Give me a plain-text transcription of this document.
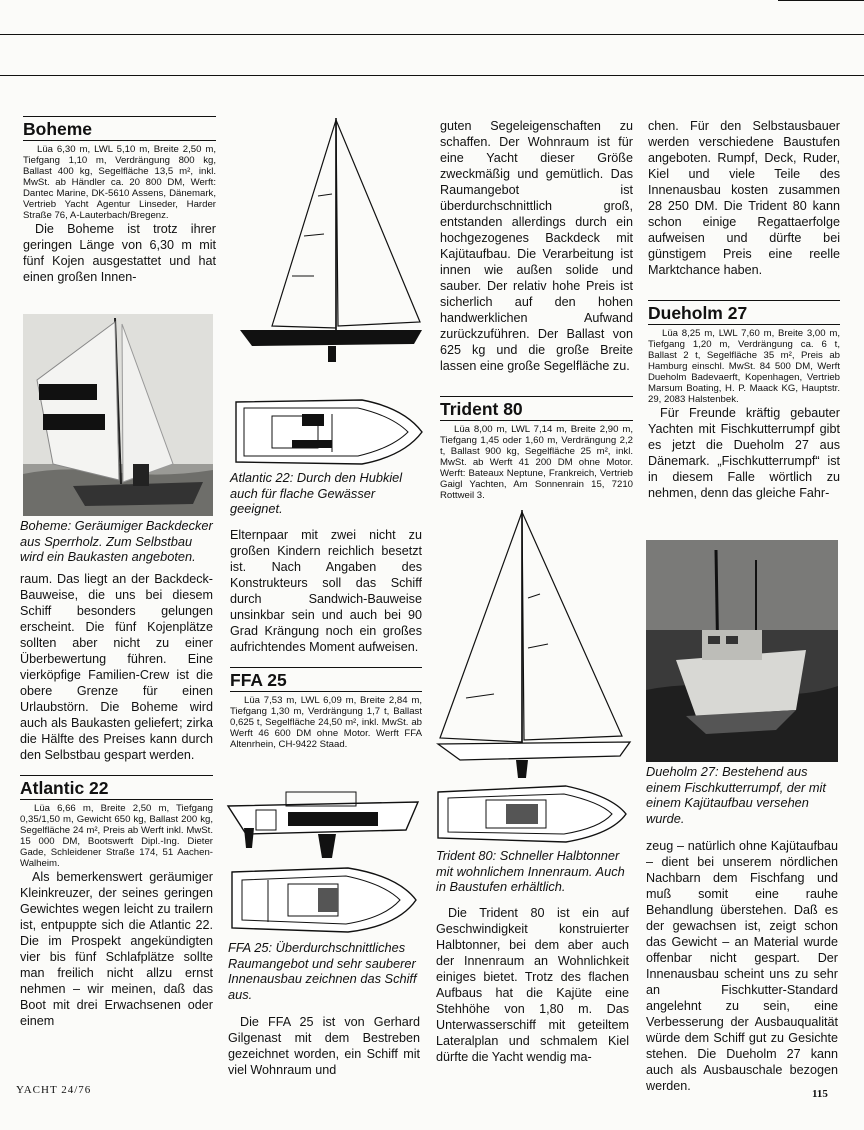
Boheme

Lüa 6,30 m, LWL 5,10 m, Breite 2,50 m, Tiefgang 1,10 m, Verdrängung 800 kg, Ballast 400 kg, Segelfläche 13,5 m², inkl. MwSt. ab Händler ca. 20 800 DM, Werft: Dantec Marine, DK-5610 Assens, Dänemark, Vertrieb Yacht Agentur Linseder, Harder Straße 76, A-Lauterbach/Bregenz.

Die Boheme ist trotz ihrer geringen Länge von 6,30 m mit fünf Kojen ausgestattet und hat einen großen Innen-

Boheme: Geräumiger Backdecker aus Sperrholz. Zum Selbstbau wird ein Baukasten angeboten.

raum. Das liegt an der Backdeck-Bauweise, die uns bei diesem Schiff besonders gelungen erscheint. Die fünf Kojenplätze sollten aber nicht zu einer Überbewertung führen. Eine vierköpfige Familien-Crew ist die obere Grenze für einen Urlaubstörn. Die Boheme wird auch als Baukasten geliefert; zirka die Hälfte des Preises kann durch den Selbstbau gespart werden.

Atlantic 22

Lüa 6,66 m, Breite 2,50 m, Tiefgang 0,35/1,50 m, Gewicht 650 kg, Ballast 200 kg, Segelfläche 24 m², Preis ab Werft inkl. MwSt. 15 000 DM, Bootswerft Dipl.-Ing. Dieter Gade, Schleidener Straße 174, 51 Aachen-Walheim.

Als bemerkenswert geräumiger Kleinkreuzer, der seines geringen Gewichtes wegen leicht zu trailern ist, entpuppte sich die Atlantic 22. Die im Prospekt angekündigten vier bis fünf Schlafplätze sollte man freilich nicht allzu ernst nehmen – wir meinen, daß das Boot mit drei Erwachsenen oder einem

Atlantic 22: Durch den Hubkiel auch für flache Gewässer geeignet.

Elternpaar mit zwei nicht zu großen Kindern reichlich besetzt ist. Nach Angaben des Konstrukteurs soll das Schiff durch Sandwich-Bauweise unsinkbar sein und auch bei 90 Grad Krängung noch ein großes aufrichtendes Moment aufweisen.

FFA 25

Lüa 7,53 m, LWL 6,09 m, Breite 2,84 m, Tiefgang 1,30 m, Verdrängung 1,7 t, Ballast 0,625 t, Segelfläche 24,50 m², inkl. MwSt. ab Werft 46 600 DM ohne Motor. Werft FFA Altenrhein, CH-9422 Staad.

FFA 25: Überdurchschnittliches Raumangebot und sehr sauberer Innenausbau zeichnen das Schiff aus.

Die FFA 25 ist von Gerhard Gilgenast mit dem Bestreben gezeichnet worden, ein Schiff mit viel Wohnraum und

guten Segeleigenschaften zu schaffen. Der Wohnraum ist für eine Yacht dieser Größe zweckmäßig und gemütlich. Das Raumangebot ist überdurchschnittlich groß, entstanden allerdings durch ein hochgezogenes Backdeck mit Kajütaufbau. Die Verarbeitung ist innen wie außen solide und sauber. Der relativ hohe Preis ist sicherlich auf den hohen handwerklichen Aufwand zurückzuführen. Der Ballast von 625 kg und die große Breite lassen eine große Segelfläche zu.

Trident 80

Lüa 8,00 m, LWL 7,14 m, Breite 2,90 m, Tiefgang 1,45 oder 1,60 m, Verdrängung 2,2 t, Ballast 900 kg, Segelfläche 25 m², inkl. MwSt. ab Werft 41 200 DM ohne Motor. Werft: Bateaux Neptune, Frankreich, Vertrieb Gaigl Yachten, Am Sonnenrain 15, 7210 Rottweil 3.

Trident 80: Schneller Halbtonner mit wohnlichem Innenraum. Auch in Baustufen erhältlich.

Die Trident 80 ist ein auf Geschwindigkeit konstruierter Halbtonner, bei dem aber auch der Innenraum an Wohnlichkeit einiges bietet. Trotz des flachen Aufbaus hat die Kajüte eine Stehhöhe von 1,80 m. Das Unterwasserschiff mit geteiltem Lateralplan und schmalem Kiel dürfte die Yacht wendig ma-

chen. Für den Selbstausbauer werden verschiedene Baustufen angeboten. Rumpf, Deck, Ruder, Kiel und viele Teile des Innenausbau kosten zusammen 28 250 DM. Die Trident 80 kann schon einige Regattaerfolge aufweisen und dürfte bei günstigem Preis eine reelle Marktchance haben.

Dueholm 27

Lüa 8,25 m, LWL 7,60 m, Breite 3,00 m, Tiefgang 1,20 m, Verdrängung ca. 6 t, Ballast 2 t, Segelfläche 35 m², Preis ab Hamburg einschl. MwSt. 84 500 DM, Werft Dueholm Badevaerft, Kopenhagen, Vertrieb Marsum Boating, H. P. Maack KG, Hauptstr. 29, 2083 Halstenbek.

Für Freunde kräftig gebauter Yachten mit Fischkutterrumpf gibt es jetzt die Dueholm 27 aus Dänemark. „Fischkutterrumpf“ ist in diesem Falle wörtlich zu nehmen, denn das gleiche Fahr-

Dueholm 27: Bestehend aus einem Fischkutterrumpf, der mit einem Kajütaufbau versehen wurde.

zeug – natürlich ohne Kajütaufbau – dient bei unserem nördlichen Nachbarn dem Fischfang und muß somit eine rauhe Behandlung überstehen. Daß es der gewachsen ist, zeigt schon das Gewicht – an Material wurde offenbar nicht gespart. Der Innenausbau scheint uns zu sehr an Fischkutter-Standard angelehnt zu sein, eine Verbesserung der Ausbauqualität würde dem Schiff gut zu Gesichte stehen. Die Dueholm 27 kann auch als Ausbauschale bezogen werden.

YACHT 24/76	115
